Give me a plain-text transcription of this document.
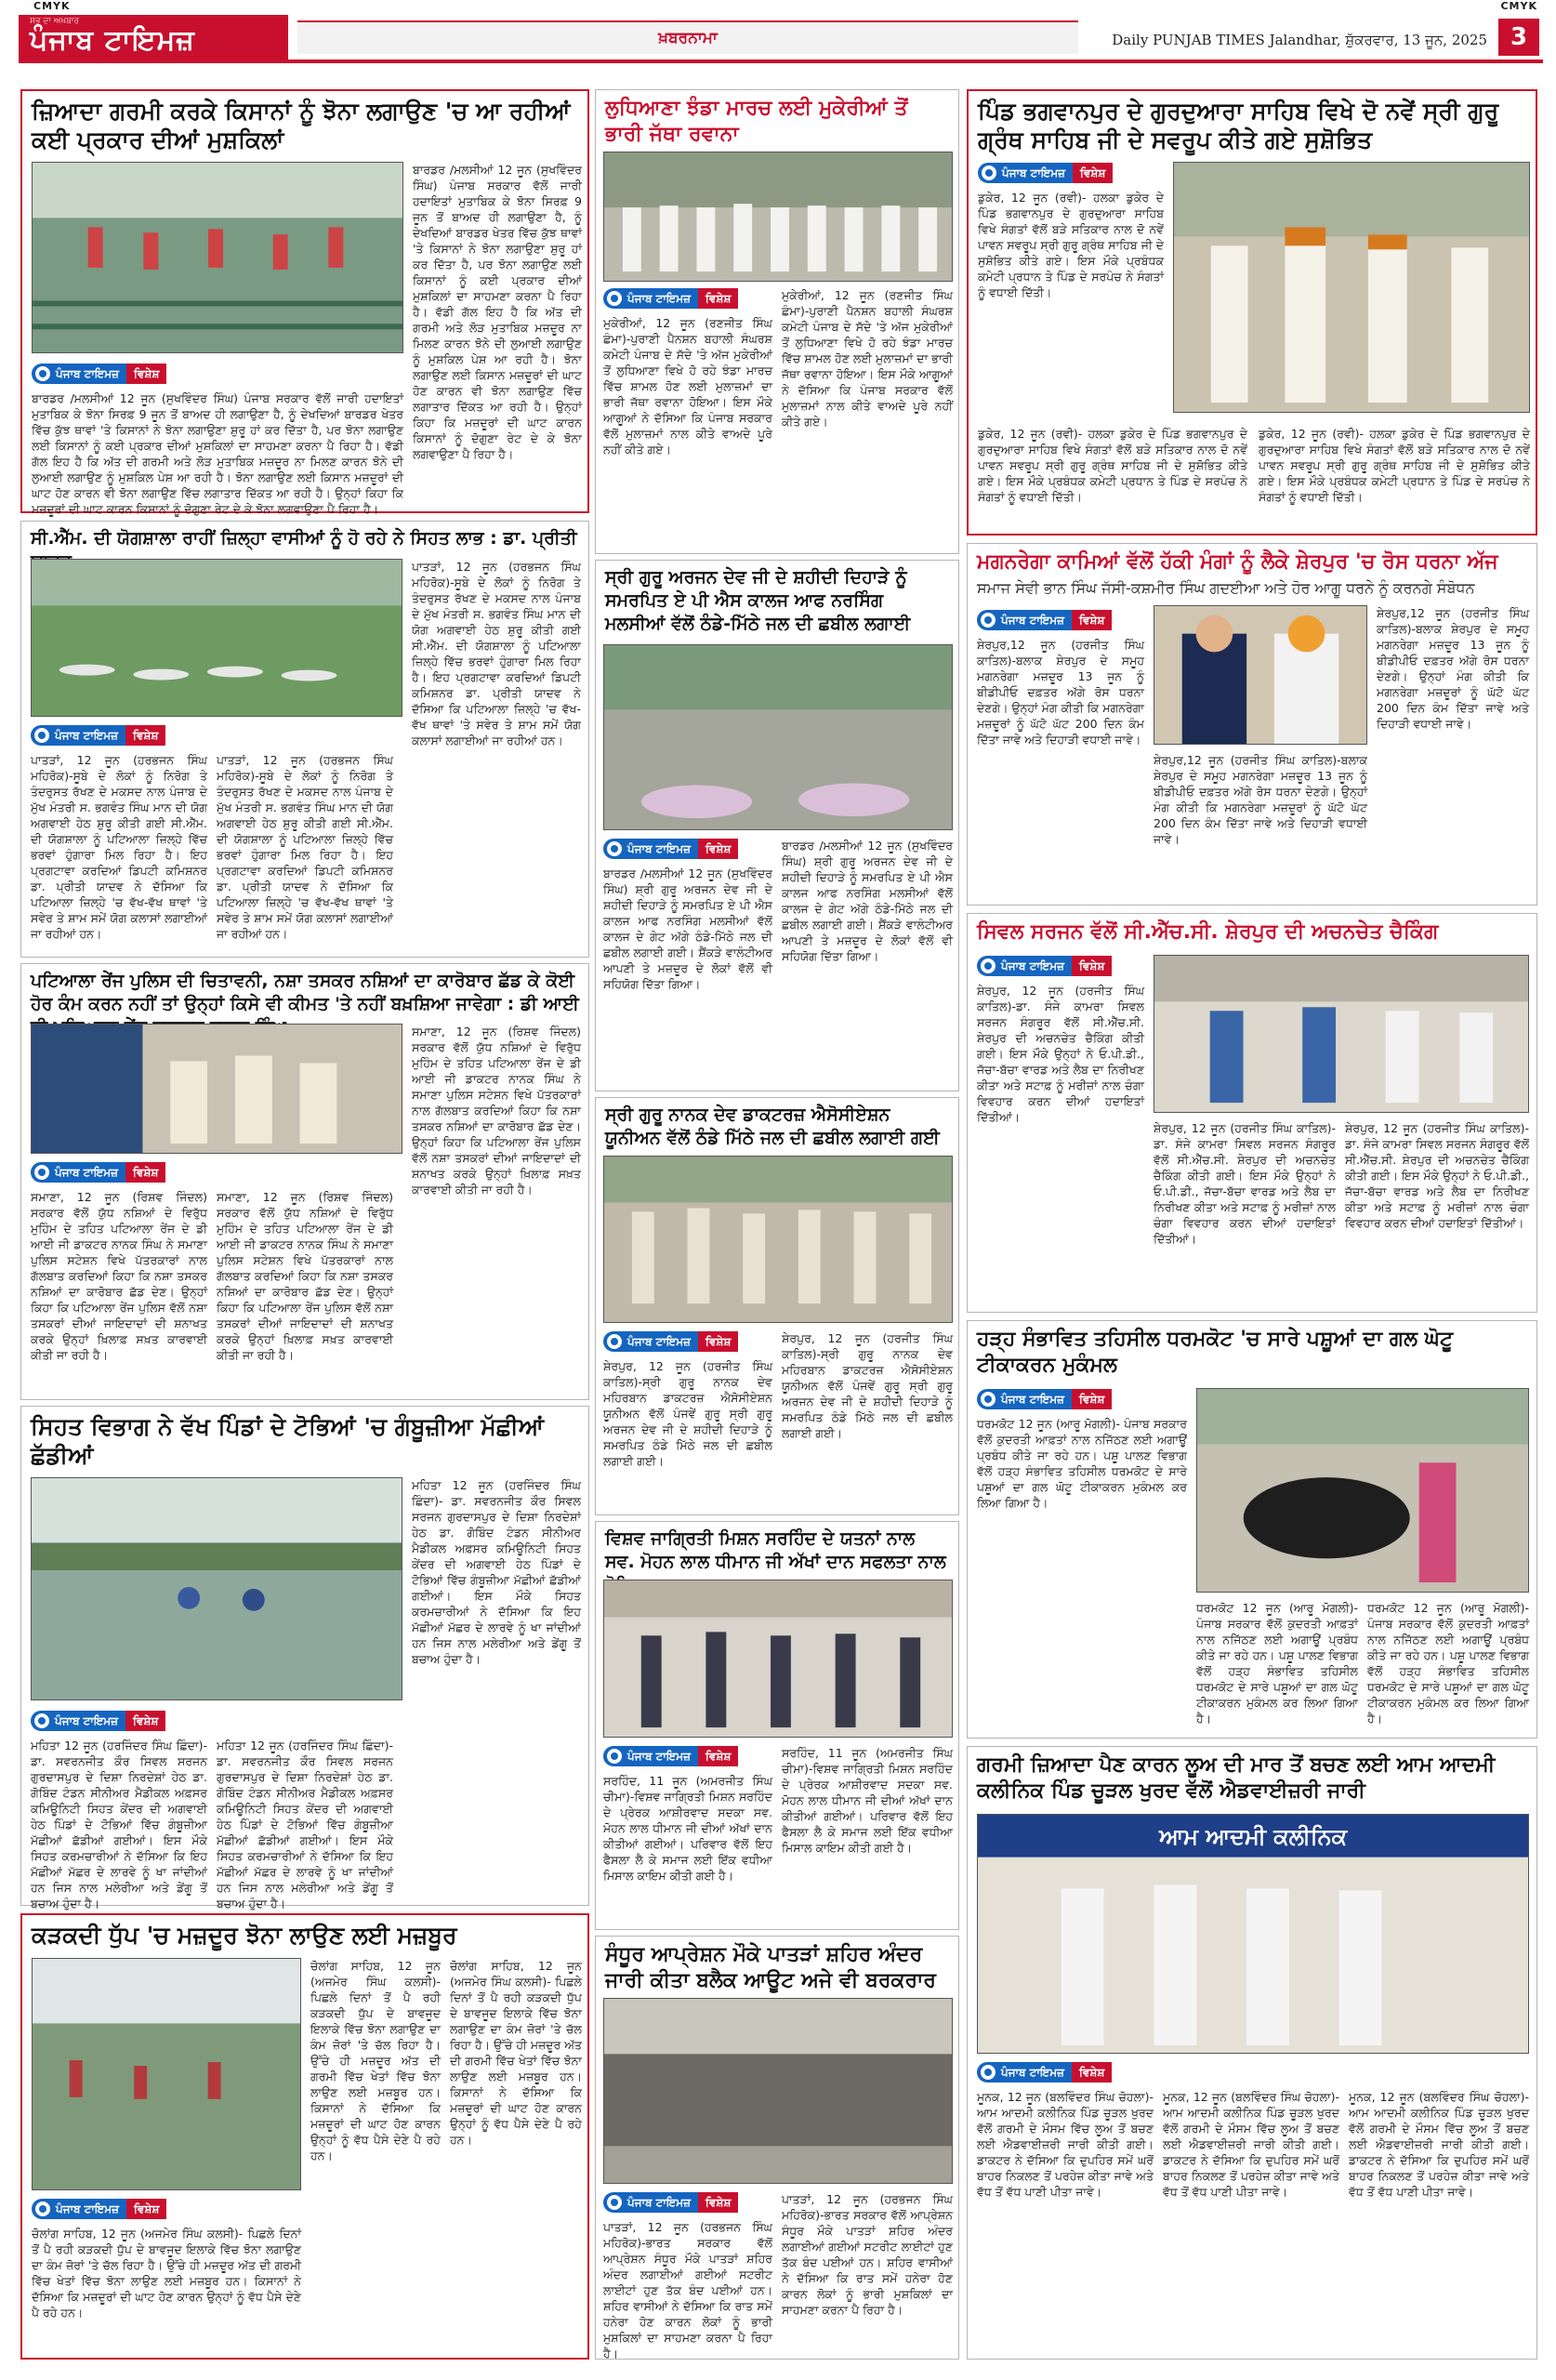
CMYK	CMYK
ਸਭ ਦਾ ਅਖ਼ਬਾਰ
ਪੰਜਾਬ ਟਾਇਮਜ਼	ਖ਼ਬਰਨਾਮਾ	Daily PUNJAB TIMES Jalandhar, ਸ਼ੁੱਕਰਵਾਰ, 13 ਜੂਨ, 2025 3
ਜ਼ਿਆਦਾ ਗਰਮੀ ਕਰਕੇ ਕਿਸਾਨਾਂ ਨੂੰ ਝੋਨਾ ਲਗਾਉਣ 'ਚ ਆ ਰਹੀਆਂ ਕਈ ਪ੍ਰਕਾਰ ਦੀਆਂ ਮੁਸ਼ਕਿਲਾਂ
ਪੰਜਾਬ ਟਾਇਮਜ਼	ਵਿਸ਼ੇਸ਼
ਬਾਰਡਰ /ਮਲਸੀਆਂ 12 ਜੂਨ (ਸੁਖਵਿੰਦਰ ਸਿੰਘ) ਪੰਜਾਬ ਸਰਕਾਰ ਵੱਲੋਂ ਜਾਰੀ ਹਦਾਇਤਾਂ ਮੁਤਾਬਿਕ ਕੇ ਝੋਨਾ ਸਿਰਫ਼ 9 ਜੂਨ ਤੋਂ ਬਾਅਦ ਹੀ ਲਗਾਉਣਾ ਹੈ, ਨੂੰ ਦੇਖਦਿਆਂ ਬਾਰਡਰ ਖੇਤਰ ਵਿੱਚ ਕੁੱਝ ਥਾਵਾਂ 'ਤੇ ਕਿਸਾਨਾਂ ਨੇ ਝੋਨਾ ਲਗਾਉਣਾ ਸ਼ੁਰੂ ਹਾਂ ਕਰ ਦਿੱਤਾ ਹੈ, ਪਰ ਝੋਨਾ ਲਗਾਉਣ ਲਈ ਕਿਸਾਨਾਂ ਨੂੰ ਕਈ ਪ੍ਰਕਾਰ ਦੀਆਂ ਮੁਸ਼ਕਿਲਾਂ ਦਾ ਸਾਹਮਣਾ ਕਰਨਾ ਪੈ ਰਿਹਾ ਹੈ। ਵੱਡੀ ਗੱਲ ਇਹ ਹੈ ਕਿ ਅੱਤ ਦੀ ਗਰਮੀ ਅਤੇ ਲੋੜ ਮੁਤਾਬਿਕ ਮਜ਼ਦੂਰ ਨਾ ਮਿਲਣ ਕਾਰਨ ਝੋਨੇ ਦੀ ਲੁਆਈ ਲਗਾਉਣ ਨੂੰ ਮੁਸ਼ਕਿਲ ਪੇਸ਼ ਆ ਰਹੀ ਹੈ। ਝੋਨਾ ਲਗਾਉਣ ਲਈ ਕਿਸਾਨ ਮਜ਼ਦੂਰਾਂ ਦੀ ਘਾਟ ਹੋਣ ਕਾਰਨ ਵੀ ਝੋਨਾ ਲਗਾਉਣ ਵਿੱਚ ਲਗਾਤਾਰ ਦਿੱਕਤ ਆ ਰਹੀ ਹੈ। ਉਨ੍ਹਾਂ ਕਿਹਾ ਕਿ ਮਜ਼ਦੂਰਾਂ ਦੀ ਘਾਟ ਕਾਰਨ ਕਿਸਾਨਾਂ ਨੂੰ ਦੋਗੁਣਾ ਰੇਟ ਦੇ ਕੇ ਝੋਨਾ ਲਗਵਾਉਣਾ ਪੈ ਰਿਹਾ ਹੈ।
ਬਾਰਡਰ /ਮਲਸੀਆਂ 12 ਜੂਨ (ਸੁਖਵਿੰਦਰ ਸਿੰਘ) ਪੰਜਾਬ ਸਰਕਾਰ ਵੱਲੋਂ ਜਾਰੀ ਹਦਾਇਤਾਂ ਮੁਤਾਬਿਕ ਕੇ ਝੋਨਾ ਸਿਰਫ਼ 9 ਜੂਨ ਤੋਂ ਬਾਅਦ ਹੀ ਲਗਾਉਣਾ ਹੈ, ਨੂੰ ਦੇਖਦਿਆਂ ਬਾਰਡਰ ਖੇਤਰ ਵਿੱਚ ਕੁੱਝ ਥਾਵਾਂ 'ਤੇ ਕਿਸਾਨਾਂ ਨੇ ਝੋਨਾ ਲਗਾਉਣਾ ਸ਼ੁਰੂ ਹਾਂ ਕਰ ਦਿੱਤਾ ਹੈ, ਪਰ ਝੋਨਾ ਲਗਾਉਣ ਲਈ ਕਿਸਾਨਾਂ ਨੂੰ ਕਈ ਪ੍ਰਕਾਰ ਦੀਆਂ ਮੁਸ਼ਕਿਲਾਂ ਦਾ ਸਾਹਮਣਾ ਕਰਨਾ ਪੈ ਰਿਹਾ ਹੈ। ਵੱਡੀ ਗੱਲ ਇਹ ਹੈ ਕਿ ਅੱਤ ਦੀ ਗਰਮੀ ਅਤੇ ਲੋੜ ਮੁਤਾਬਿਕ ਮਜ਼ਦੂਰ ਨਾ ਮਿਲਣ ਕਾਰਨ ਝੋਨੇ ਦੀ ਲੁਆਈ ਲਗਾਉਣ ਨੂੰ ਮੁਸ਼ਕਿਲ ਪੇਸ਼ ਆ ਰਹੀ ਹੈ। ਝੋਨਾ ਲਗਾਉਣ ਲਈ ਕਿਸਾਨ ਮਜ਼ਦੂਰਾਂ ਦੀ ਘਾਟ ਹੋਣ ਕਾਰਨ ਵੀ ਝੋਨਾ ਲਗਾਉਣ ਵਿੱਚ ਲਗਾਤਾਰ ਦਿੱਕਤ ਆ ਰਹੀ ਹੈ। ਉਨ੍ਹਾਂ ਕਿਹਾ ਕਿ ਮਜ਼ਦੂਰਾਂ ਦੀ ਘਾਟ ਕਾਰਨ ਕਿਸਾਨਾਂ ਨੂੰ ਦੋਗੁਣਾ ਰੇਟ ਦੇ ਕੇ ਝੋਨਾ ਲਗਵਾਉਣਾ ਪੈ ਰਿਹਾ ਹੈ।
ਸੀ.ਐੱਮ. ਦੀ ਯੋਗਸ਼ਾਲਾ ਰਾਹੀਂ ਜ਼ਿਲ੍ਹਾ ਵਾਸੀਆਂ ਨੂੰ ਹੋ ਰਹੇ ਨੇ ਸਿਹਤ ਲਾਭ : ਡਾ. ਪ੍ਰੀਤੀ
ਪੰਜਾਬ ਟਾਇਮਜ਼	ਵਿਸ਼ੇਸ਼
ਪਾਤੜਾਂ, 12 ਜੂਨ (ਹਰਭਜਨ ਸਿੰਘ ਮਹਿਰੋਕ)-ਸੂਬੇ ਦੇ ਲੋਕਾਂ ਨੂੰ ਨਿਰੋਗ ਤੇ ਤੰਦਰੁਸਤ ਰੱਖਣ ਦੇ ਮਕਸਦ ਨਾਲ ਪੰਜਾਬ ਦੇ ਮੁੱਖ ਮੰਤਰੀ ਸ. ਭਗਵੰਤ ਸਿੰਘ ਮਾਨ ਦੀ ਯੋਗ ਅਗਵਾਈ ਹੇਠ ਸ਼ੁਰੂ ਕੀਤੀ ਗਈ ਸੀ.ਐੱਮ. ਦੀ ਯੋਗਸ਼ਾਲਾ ਨੂੰ ਪਟਿਆਲਾ ਜ਼ਿਲ੍ਹੇ ਵਿੱਚ ਭਰਵਾਂ ਹੁੰਗਾਰਾ ਮਿਲ ਰਿਹਾ ਹੈ। ਇਹ ਪ੍ਰਗਟਾਵਾ ਕਰਦਿਆਂ ਡਿਪਟੀ ਕਮਿਸ਼ਨਰ ਡਾ. ਪ੍ਰੀਤੀ ਯਾਦਵ ਨੇ ਦੱਸਿਆ ਕਿ ਪਟਿਆਲਾ ਜ਼ਿਲ੍ਹੇ 'ਚ ਵੱਖ-ਵੱਖ ਥਾਵਾਂ 'ਤੇ ਸਵੇਰ ਤੇ ਸ਼ਾਮ ਸਮੇਂ ਯੋਗ ਕਲਾਸਾਂ ਲਗਾਈਆਂ ਜਾ ਰਹੀਆਂ ਹਨ।
ਪਾਤੜਾਂ, 12 ਜੂਨ (ਹਰਭਜਨ ਸਿੰਘ ਮਹਿਰੋਕ)-ਸੂਬੇ ਦੇ ਲੋਕਾਂ ਨੂੰ ਨਿਰੋਗ ਤੇ ਤੰਦਰੁਸਤ ਰੱਖਣ ਦੇ ਮਕਸਦ ਨਾਲ ਪੰਜਾਬ ਦੇ ਮੁੱਖ ਮੰਤਰੀ ਸ. ਭਗਵੰਤ ਸਿੰਘ ਮਾਨ ਦੀ ਯੋਗ ਅਗਵਾਈ ਹੇਠ ਸ਼ੁਰੂ ਕੀਤੀ ਗਈ ਸੀ.ਐੱਮ. ਦੀ ਯੋਗਸ਼ਾਲਾ ਨੂੰ ਪਟਿਆਲਾ ਜ਼ਿਲ੍ਹੇ ਵਿੱਚ ਭਰਵਾਂ ਹੁੰਗਾਰਾ ਮਿਲ ਰਿਹਾ ਹੈ। ਇਹ ਪ੍ਰਗਟਾਵਾ ਕਰਦਿਆਂ ਡਿਪਟੀ ਕਮਿਸ਼ਨਰ ਡਾ. ਪ੍ਰੀਤੀ ਯਾਦਵ ਨੇ ਦੱਸਿਆ ਕਿ ਪਟਿਆਲਾ ਜ਼ਿਲ੍ਹੇ 'ਚ ਵੱਖ-ਵੱਖ ਥਾਵਾਂ 'ਤੇ ਸਵੇਰ ਤੇ ਸ਼ਾਮ ਸਮੇਂ ਯੋਗ ਕਲਾਸਾਂ ਲਗਾਈਆਂ ਜਾ ਰਹੀਆਂ ਹਨ।
ਪਾਤੜਾਂ, 12 ਜੂਨ (ਹਰਭਜਨ ਸਿੰਘ ਮਹਿਰੋਕ)-ਸੂਬੇ ਦੇ ਲੋਕਾਂ ਨੂੰ ਨਿਰੋਗ ਤੇ ਤੰਦਰੁਸਤ ਰੱਖਣ ਦੇ ਮਕਸਦ ਨਾਲ ਪੰਜਾਬ ਦੇ ਮੁੱਖ ਮੰਤਰੀ ਸ. ਭਗਵੰਤ ਸਿੰਘ ਮਾਨ ਦੀ ਯੋਗ ਅਗਵਾਈ ਹੇਠ ਸ਼ੁਰੂ ਕੀਤੀ ਗਈ ਸੀ.ਐੱਮ. ਦੀ ਯੋਗਸ਼ਾਲਾ ਨੂੰ ਪਟਿਆਲਾ ਜ਼ਿਲ੍ਹੇ ਵਿੱਚ ਭਰਵਾਂ ਹੁੰਗਾਰਾ ਮਿਲ ਰਿਹਾ ਹੈ। ਇਹ ਪ੍ਰਗਟਾਵਾ ਕਰਦਿਆਂ ਡਿਪਟੀ ਕਮਿਸ਼ਨਰ ਡਾ. ਪ੍ਰੀਤੀ ਯਾਦਵ ਨੇ ਦੱਸਿਆ ਕਿ ਪਟਿਆਲਾ ਜ਼ਿਲ੍ਹੇ 'ਚ ਵੱਖ-ਵੱਖ ਥਾਵਾਂ 'ਤੇ ਸਵੇਰ ਤੇ ਸ਼ਾਮ ਸਮੇਂ ਯੋਗ ਕਲਾਸਾਂ ਲਗਾਈਆਂ ਜਾ ਰਹੀਆਂ ਹਨ।
ਪਟਿਆਲਾ ਰੇਂਜ ਪੁਲਿਸ ਦੀ ਚਿਤਾਵਨੀ, ਨਸ਼ਾ ਤਸਕਰ ਨਸ਼ਿਆਂ ਦਾ ਕਾਰੋਬਾਰ ਛੱਡ ਕੇ ਕੋਈ ਹੋਰ ਕੰਮ ਕਰਨ ਨਹੀਂ ਤਾਂ ਉਨ੍ਹਾਂ ਕਿਸੇ ਵੀ ਕੀਮਤ 'ਤੇ ਨਹੀਂ ਬਖ਼ਸ਼ਿਆ ਜਾਵੇਗਾ : ਡੀ ਆਈ
ਪੰਜਾਬ ਟਾਇਮਜ਼	ਵਿਸ਼ੇਸ਼
ਸਮਾਣਾ, 12 ਜੂਨ (ਰਿਸ਼ਵ ਜਿੰਦਲ) ਸਰਕਾਰ ਵੱਲੋਂ ਯੁੱਧ ਨਸ਼ਿਆਂ ਦੇ ਵਿਰੁੱਧ ਮੁਹਿੰਮ ਦੇ ਤਹਿਤ ਪਟਿਆਲਾ ਰੇਂਜ ਦੇ ਡੀ ਆਈ ਜੀ ਡਾਕਟਰ ਨਾਨਕ ਸਿੰਘ ਨੇ ਸਮਾਣਾ ਪੁਲਿਸ ਸਟੇਸ਼ਨ ਵਿਖੇ ਪੱਤਰਕਾਰਾਂ ਨਾਲ ਗੱਲਬਾਤ ਕਰਦਿਆਂ ਕਿਹਾ ਕਿ ਨਸ਼ਾ ਤਸਕਰ ਨਸ਼ਿਆਂ ਦਾ ਕਾਰੋਬਾਰ ਛੱਡ ਦੇਣ। ਉਨ੍ਹਾਂ ਕਿਹਾ ਕਿ ਪਟਿਆਲਾ ਰੇਂਜ ਪੁਲਿਸ ਵੱਲੋਂ ਨਸ਼ਾ ਤਸਕਰਾਂ ਦੀਆਂ ਜਾਇਦਾਦਾਂ ਦੀ ਸ਼ਨਾਖਤ ਕਰਕੇ ਉਨ੍ਹਾਂ ਖ਼ਿਲਾਫ਼ ਸਖ਼ਤ ਕਾਰਵਾਈ ਕੀਤੀ ਜਾ ਰਹੀ ਹੈ।
ਸਮਾਣਾ, 12 ਜੂਨ (ਰਿਸ਼ਵ ਜਿੰਦਲ) ਸਰਕਾਰ ਵੱਲੋਂ ਯੁੱਧ ਨਸ਼ਿਆਂ ਦੇ ਵਿਰੁੱਧ ਮੁਹਿੰਮ ਦੇ ਤਹਿਤ ਪਟਿਆਲਾ ਰੇਂਜ ਦੇ ਡੀ ਆਈ ਜੀ ਡਾਕਟਰ ਨਾਨਕ ਸਿੰਘ ਨੇ ਸਮਾਣਾ ਪੁਲਿਸ ਸਟੇਸ਼ਨ ਵਿਖੇ ਪੱਤਰਕਾਰਾਂ ਨਾਲ ਗੱਲਬਾਤ ਕਰਦਿਆਂ ਕਿਹਾ ਕਿ ਨਸ਼ਾ ਤਸਕਰ ਨਸ਼ਿਆਂ ਦਾ ਕਾਰੋਬਾਰ ਛੱਡ ਦੇਣ। ਉਨ੍ਹਾਂ ਕਿਹਾ ਕਿ ਪਟਿਆਲਾ ਰੇਂਜ ਪੁਲਿਸ ਵੱਲੋਂ ਨਸ਼ਾ ਤਸਕਰਾਂ ਦੀਆਂ ਜਾਇਦਾਦਾਂ ਦੀ ਸ਼ਨਾਖਤ ਕਰਕੇ ਉਨ੍ਹਾਂ ਖ਼ਿਲਾਫ਼ ਸਖ਼ਤ ਕਾਰਵਾਈ ਕੀਤੀ ਜਾ ਰਹੀ ਹੈ।
ਸਮਾਣਾ, 12 ਜੂਨ (ਰਿਸ਼ਵ ਜਿੰਦਲ) ਸਰਕਾਰ ਵੱਲੋਂ ਯੁੱਧ ਨਸ਼ਿਆਂ ਦੇ ਵਿਰੁੱਧ ਮੁਹਿੰਮ ਦੇ ਤਹਿਤ ਪਟਿਆਲਾ ਰੇਂਜ ਦੇ ਡੀ ਆਈ ਜੀ ਡਾਕਟਰ ਨਾਨਕ ਸਿੰਘ ਨੇ ਸਮਾਣਾ ਪੁਲਿਸ ਸਟੇਸ਼ਨ ਵਿਖੇ ਪੱਤਰਕਾਰਾਂ ਨਾਲ ਗੱਲਬਾਤ ਕਰਦਿਆਂ ਕਿਹਾ ਕਿ ਨਸ਼ਾ ਤਸਕਰ ਨਸ਼ਿਆਂ ਦਾ ਕਾਰੋਬਾਰ ਛੱਡ ਦੇਣ। ਉਨ੍ਹਾਂ ਕਿਹਾ ਕਿ ਪਟਿਆਲਾ ਰੇਂਜ ਪੁਲਿਸ ਵੱਲੋਂ ਨਸ਼ਾ ਤਸਕਰਾਂ ਦੀਆਂ ਜਾਇਦਾਦਾਂ ਦੀ ਸ਼ਨਾਖਤ ਕਰਕੇ ਉਨ੍ਹਾਂ ਖ਼ਿਲਾਫ਼ ਸਖ਼ਤ ਕਾਰਵਾਈ ਕੀਤੀ ਜਾ ਰਹੀ ਹੈ।
ਸਿਹਤ ਵਿਭਾਗ ਨੇ ਵੱਖ ਪਿੰਡਾਂ ਦੇ ਟੋਭਿਆਂ 'ਚ ਗੰਬੂਜ਼ੀਆ ਮੱਛੀਆਂ ਛੱਡੀਆਂ
ਪੰਜਾਬ ਟਾਇਮਜ਼	ਵਿਸ਼ੇਸ਼
ਮਹਿਤਾ 12 ਜੂਨ (ਹਰਜਿੰਦਰ ਸਿੰਘ ਛਿੰਦਾ)- ਡਾ. ਸਵਰਨਜੀਤ ਕੌਰ ਸਿਵਲ ਸਰਜਨ ਗੁਰਦਾਸਪੁਰ ਦੇ ਦਿਸ਼ਾ ਨਿਰਦੇਸ਼ਾਂ ਹੇਠ ਡਾ. ਗੋਬਿੰਦ ਟੰਡਨ ਸੀਨੀਅਰ ਮੈਡੀਕਲ ਅਫ਼ਸਰ ਕਮਿਊਨਿਟੀ ਸਿਹਤ ਕੇਂਦਰ ਦੀ ਅਗਵਾਈ ਹੇਠ ਪਿੰਡਾਂ ਦੇ ਟੋਭਿਆਂ ਵਿੱਚ ਗੰਬੂਜ਼ੀਆ ਮੱਛੀਆਂ ਛੱਡੀਆਂ ਗਈਆਂ। ਇਸ ਮੌਕੇ ਸਿਹਤ ਕਰਮਚਾਰੀਆਂ ਨੇ ਦੱਸਿਆ ਕਿ ਇਹ ਮੱਛੀਆਂ ਮੱਛਰ ਦੇ ਲਾਰਵੇ ਨੂੰ ਖਾ ਜਾਂਦੀਆਂ ਹਨ ਜਿਸ ਨਾਲ ਮਲੇਰੀਆ ਅਤੇ ਡੇਂਗੂ ਤੋਂ ਬਚਾਅ ਹੁੰਦਾ ਹੈ।
ਮਹਿਤਾ 12 ਜੂਨ (ਹਰਜਿੰਦਰ ਸਿੰਘ ਛਿੰਦਾ)- ਡਾ. ਸਵਰਨਜੀਤ ਕੌਰ ਸਿਵਲ ਸਰਜਨ ਗੁਰਦਾਸਪੁਰ ਦੇ ਦਿਸ਼ਾ ਨਿਰਦੇਸ਼ਾਂ ਹੇਠ ਡਾ. ਗੋਬਿੰਦ ਟੰਡਨ ਸੀਨੀਅਰ ਮੈਡੀਕਲ ਅਫ਼ਸਰ ਕਮਿਊਨਿਟੀ ਸਿਹਤ ਕੇਂਦਰ ਦੀ ਅਗਵਾਈ ਹੇਠ ਪਿੰਡਾਂ ਦੇ ਟੋਭਿਆਂ ਵਿੱਚ ਗੰਬੂਜ਼ੀਆ ਮੱਛੀਆਂ ਛੱਡੀਆਂ ਗਈਆਂ। ਇਸ ਮੌਕੇ ਸਿਹਤ ਕਰਮਚਾਰੀਆਂ ਨੇ ਦੱਸਿਆ ਕਿ ਇਹ ਮੱਛੀਆਂ ਮੱਛਰ ਦੇ ਲਾਰਵੇ ਨੂੰ ਖਾ ਜਾਂਦੀਆਂ ਹਨ ਜਿਸ ਨਾਲ ਮਲੇਰੀਆ ਅਤੇ ਡੇਂਗੂ ਤੋਂ ਬਚਾਅ ਹੁੰਦਾ ਹੈ।
ਮਹਿਤਾ 12 ਜੂਨ (ਹਰਜਿੰਦਰ ਸਿੰਘ ਛਿੰਦਾ)- ਡਾ. ਸਵਰਨਜੀਤ ਕੌਰ ਸਿਵਲ ਸਰਜਨ ਗੁਰਦਾਸਪੁਰ ਦੇ ਦਿਸ਼ਾ ਨਿਰਦੇਸ਼ਾਂ ਹੇਠ ਡਾ. ਗੋਬਿੰਦ ਟੰਡਨ ਸੀਨੀਅਰ ਮੈਡੀਕਲ ਅਫ਼ਸਰ ਕਮਿਊਨਿਟੀ ਸਿਹਤ ਕੇਂਦਰ ਦੀ ਅਗਵਾਈ ਹੇਠ ਪਿੰਡਾਂ ਦੇ ਟੋਭਿਆਂ ਵਿੱਚ ਗੰਬੂਜ਼ੀਆ ਮੱਛੀਆਂ ਛੱਡੀਆਂ ਗਈਆਂ। ਇਸ ਮੌਕੇ ਸਿਹਤ ਕਰਮਚਾਰੀਆਂ ਨੇ ਦੱਸਿਆ ਕਿ ਇਹ ਮੱਛੀਆਂ ਮੱਛਰ ਦੇ ਲਾਰਵੇ ਨੂੰ ਖਾ ਜਾਂਦੀਆਂ ਹਨ ਜਿਸ ਨਾਲ ਮਲੇਰੀਆ ਅਤੇ ਡੇਂਗੂ ਤੋਂ ਬਚਾਅ ਹੁੰਦਾ ਹੈ।
ਕੜਕਦੀ ਧੁੱਪ 'ਚ ਮਜ਼ਦੂਰ ਝੋਨਾ ਲਾਉਣ ਲਈ ਮਜ਼ਬੂਰ
ਪੰਜਾਬ ਟਾਇਮਜ਼	ਵਿਸ਼ੇਸ਼
ਚੋਲਾਂਗ ਸਾਹਿਬ, 12 ਜੂਨ (ਅਜਮੇਰ ਸਿੰਘ ਕਲਸੀ)- ਪਿਛਲੇ ਦਿਨਾਂ ਤੋਂ ਪੈ ਰਹੀ ਕੜਕਦੀ ਧੁੱਪ ਦੇ ਬਾਵਜੂਦ ਇਲਾਕੇ ਵਿੱਚ ਝੋਨਾ ਲਗਾਉਣ ਦਾ ਕੰਮ ਜ਼ੋਰਾਂ 'ਤੇ ਚੱਲ ਰਿਹਾ ਹੈ। ਉੱਚੇ ਹੀ ਮਜ਼ਦੂਰ ਅੱਤ ਦੀ ਗਰਮੀ ਵਿੱਚ ਖੇਤਾਂ ਵਿੱਚ ਝੋਨਾ ਲਾਉਣ ਲਈ ਮਜ਼ਬੂਰ ਹਨ। ਕਿਸਾਨਾਂ ਨੇ ਦੱਸਿਆ ਕਿ ਮਜ਼ਦੂਰਾਂ ਦੀ ਘਾਟ ਹੋਣ ਕਾਰਨ ਉਨ੍ਹਾਂ ਨੂੰ ਵੱਧ ਪੈਸੇ ਦੇਣੇ ਪੈ ਰਹੇ ਹਨ।
ਚੋਲਾਂਗ ਸਾਹਿਬ, 12 ਜੂਨ (ਅਜਮੇਰ ਸਿੰਘ ਕਲਸੀ)- ਪਿਛਲੇ ਦਿਨਾਂ ਤੋਂ ਪੈ ਰਹੀ ਕੜਕਦੀ ਧੁੱਪ ਦੇ ਬਾਵਜੂਦ ਇਲਾਕੇ ਵਿੱਚ ਝੋਨਾ ਲਗਾਉਣ ਦਾ ਕੰਮ ਜ਼ੋਰਾਂ 'ਤੇ ਚੱਲ ਰਿਹਾ ਹੈ। ਉੱਚੇ ਹੀ ਮਜ਼ਦੂਰ ਅੱਤ ਦੀ ਗਰਮੀ ਵਿੱਚ ਖੇਤਾਂ ਵਿੱਚ ਝੋਨਾ ਲਾਉਣ ਲਈ ਮਜ਼ਬੂਰ ਹਨ। ਕਿਸਾਨਾਂ ਨੇ ਦੱਸਿਆ ਕਿ ਮਜ਼ਦੂਰਾਂ ਦੀ ਘਾਟ ਹੋਣ ਕਾਰਨ ਉਨ੍ਹਾਂ ਨੂੰ ਵੱਧ ਪੈਸੇ ਦੇਣੇ ਪੈ ਰਹੇ ਹਨ।
ਚੋਲਾਂਗ ਸਾਹਿਬ, 12 ਜੂਨ (ਅਜਮੇਰ ਸਿੰਘ ਕਲਸੀ)- ਪਿਛਲੇ ਦਿਨਾਂ ਤੋਂ ਪੈ ਰਹੀ ਕੜਕਦੀ ਧੁੱਪ ਦੇ ਬਾਵਜੂਦ ਇਲਾਕੇ ਵਿੱਚ ਝੋਨਾ ਲਗਾਉਣ ਦਾ ਕੰਮ ਜ਼ੋਰਾਂ 'ਤੇ ਚੱਲ ਰਿਹਾ ਹੈ। ਉੱਚੇ ਹੀ ਮਜ਼ਦੂਰ ਅੱਤ ਦੀ ਗਰਮੀ ਵਿੱਚ ਖੇਤਾਂ ਵਿੱਚ ਝੋਨਾ ਲਾਉਣ ਲਈ ਮਜ਼ਬੂਰ ਹਨ। ਕਿਸਾਨਾਂ ਨੇ ਦੱਸਿਆ ਕਿ ਮਜ਼ਦੂਰਾਂ ਦੀ ਘਾਟ ਹੋਣ ਕਾਰਨ ਉਨ੍ਹਾਂ ਨੂੰ ਵੱਧ ਪੈਸੇ ਦੇਣੇ ਪੈ ਰਹੇ ਹਨ।
ਲੁਧਿਆਣਾ ਝੰਡਾ ਮਾਰਚ ਲਈ ਮੁਕੇਰੀਆਂ ਤੋਂ ਭਾਰੀ ਜੱਥਾ ਰਵਾਨਾ
ਪੰਜਾਬ ਟਾਇਮਜ਼	ਵਿਸ਼ੇਸ਼
ਮੁਕੇਰੀਆਂ, 12 ਜੂਨ (ਰਣਜੀਤ ਸਿੰਘ ਛੰਮਾ)-ਪੁਰਾਣੀ ਪੈਨਸ਼ਨ ਬਹਾਲੀ ਸੰਘਰਸ਼ ਕਮੇਟੀ ਪੰਜਾਬ ਦੇ ਸੱਦੇ 'ਤੇ ਅੱਜ ਮੁਕੇਰੀਆਂ ਤੋਂ ਲੁਧਿਆਣਾ ਵਿਖੇ ਹੋ ਰਹੇ ਝੰਡਾ ਮਾਰਚ ਵਿੱਚ ਸ਼ਾਮਲ ਹੋਣ ਲਈ ਮੁਲਾਜ਼ਮਾਂ ਦਾ ਭਾਰੀ ਜੱਥਾ ਰਵਾਨਾ ਹੋਇਆ। ਇਸ ਮੌਕੇ ਆਗੂਆਂ ਨੇ ਦੱਸਿਆ ਕਿ ਪੰਜਾਬ ਸਰਕਾਰ ਵੱਲੋਂ ਮੁਲਾਜ਼ਮਾਂ ਨਾਲ ਕੀਤੇ ਵਾਅਦੇ ਪੂਰੇ ਨਹੀਂ ਕੀਤੇ ਗਏ।
ਮੁਕੇਰੀਆਂ, 12 ਜੂਨ (ਰਣਜੀਤ ਸਿੰਘ ਛੰਮਾ)-ਪੁਰਾਣੀ ਪੈਨਸ਼ਨ ਬਹਾਲੀ ਸੰਘਰਸ਼ ਕਮੇਟੀ ਪੰਜਾਬ ਦੇ ਸੱਦੇ 'ਤੇ ਅੱਜ ਮੁਕੇਰੀਆਂ ਤੋਂ ਲੁਧਿਆਣਾ ਵਿਖੇ ਹੋ ਰਹੇ ਝੰਡਾ ਮਾਰਚ ਵਿੱਚ ਸ਼ਾਮਲ ਹੋਣ ਲਈ ਮੁਲਾਜ਼ਮਾਂ ਦਾ ਭਾਰੀ ਜੱਥਾ ਰਵਾਨਾ ਹੋਇਆ। ਇਸ ਮੌਕੇ ਆਗੂਆਂ ਨੇ ਦੱਸਿਆ ਕਿ ਪੰਜਾਬ ਸਰਕਾਰ ਵੱਲੋਂ ਮੁਲਾਜ਼ਮਾਂ ਨਾਲ ਕੀਤੇ ਵਾਅਦੇ ਪੂਰੇ ਨਹੀਂ ਕੀਤੇ ਗਏ।
ਸ੍ਰੀ ਗੁਰੂ ਅਰਜਨ ਦੇਵ ਜੀ ਦੇ ਸ਼ਹੀਦੀ ਦਿਹਾੜੇ ਨੂੰ ਸਮਰਪਿਤ ਏ ਪੀ ਐਸ ਕਾਲਜ ਆਫ ਨਰਸਿੰਗ ਮਲਸੀਆਂ ਵੱਲੋਂ ਠੰਡੇ-ਮਿੱਠੇ ਜਲ ਦੀ ਛਬੀਲ ਲਗਾਈ
ਪੰਜਾਬ ਟਾਇਮਜ਼	ਵਿਸ਼ੇਸ਼
ਬਾਰਡਰ /ਮਲਸੀਆਂ 12 ਜੂਨ (ਸੁਖਵਿੰਦਰ ਸਿੰਘ) ਸ਼੍ਰੀ ਗੁਰੂ ਅਰਜਨ ਦੇਵ ਜੀ ਦੇ ਸ਼ਹੀਦੀ ਦਿਹਾੜੇ ਨੂੰ ਸਮਰਪਿਤ ਏ ਪੀ ਐਸ ਕਾਲਜ ਆਫ ਨਰਸਿੰਗ ਮਲਸੀਆਂ ਵੱਲੋਂ ਕਾਲਜ ਦੇ ਗੇਟ ਅੱਗੇ ਠੰਡੇ-ਮਿੱਠੇ ਜਲ ਦੀ ਛਬੀਲ ਲਗਾਈ ਗਈ। ਸ਼ੈਂਕੜੇ ਵਾਲੰਟੀਅਰ ਆਪਣੀ ਤੇ ਮਜ਼ਦੂਰ ਦੇ ਲੋਕਾਂ ਵੱਲੋਂ ਵੀ ਸਹਿਯੋਗ ਦਿੱਤਾ ਗਿਆ।
ਬਾਰਡਰ /ਮਲਸੀਆਂ 12 ਜੂਨ (ਸੁਖਵਿੰਦਰ ਸਿੰਘ) ਸ਼੍ਰੀ ਗੁਰੂ ਅਰਜਨ ਦੇਵ ਜੀ ਦੇ ਸ਼ਹੀਦੀ ਦਿਹਾੜੇ ਨੂੰ ਸਮਰਪਿਤ ਏ ਪੀ ਐਸ ਕਾਲਜ ਆਫ ਨਰਸਿੰਗ ਮਲਸੀਆਂ ਵੱਲੋਂ ਕਾਲਜ ਦੇ ਗੇਟ ਅੱਗੇ ਠੰਡੇ-ਮਿੱਠੇ ਜਲ ਦੀ ਛਬੀਲ ਲਗਾਈ ਗਈ। ਸ਼ੈਂਕੜੇ ਵਾਲੰਟੀਅਰ ਆਪਣੀ ਤੇ ਮਜ਼ਦੂਰ ਦੇ ਲੋਕਾਂ ਵੱਲੋਂ ਵੀ ਸਹਿਯੋਗ ਦਿੱਤਾ ਗਿਆ।
ਸ੍ਰੀ ਗੁਰੂ ਨਾਨਕ ਦੇਵ ਡਾਕਟਰਜ਼ ਐਸੋਸੀਏਸ਼ਨ ਯੂਨੀਅਨ ਵੱਲੋਂ ਠੰਡੇ ਮਿੱਠੇ ਜਲ ਦੀ ਛਬੀਲ ਲਗਾਈ ਗਈ
ਪੰਜਾਬ ਟਾਇਮਜ਼	ਵਿਸ਼ੇਸ਼
ਸ਼ੇਰਪੁਰ, 12 ਜੂਨ (ਹਰਜੀਤ ਸਿੰਘ ਕਾਤਿਲ)-ਸ੍ਰੀ ਗੁਰੂ ਨਾਨਕ ਦੇਵ ਮਹਿਰਬਾਨ ਡਾਕਟਰਜ਼ ਐਸੋਸੀਏਸ਼ਨ ਯੂਨੀਅਨ ਵੱਲੋਂ ਪੰਜਵੇਂ ਗੁਰੂ ਸ੍ਰੀ ਗੁਰੂ ਅਰਜਨ ਦੇਵ ਜੀ ਦੇ ਸ਼ਹੀਦੀ ਦਿਹਾੜੇ ਨੂੰ ਸਮਰਪਿਤ ਠੰਡੇ ਮਿੱਠੇ ਜਲ ਦੀ ਛਬੀਲ ਲਗਾਈ ਗਈ।
ਸ਼ੇਰਪੁਰ, 12 ਜੂਨ (ਹਰਜੀਤ ਸਿੰਘ ਕਾਤਿਲ)-ਸ੍ਰੀ ਗੁਰੂ ਨਾਨਕ ਦੇਵ ਮਹਿਰਬਾਨ ਡਾਕਟਰਜ਼ ਐਸੋਸੀਏਸ਼ਨ ਯੂਨੀਅਨ ਵੱਲੋਂ ਪੰਜਵੇਂ ਗੁਰੂ ਸ੍ਰੀ ਗੁਰੂ ਅਰਜਨ ਦੇਵ ਜੀ ਦੇ ਸ਼ਹੀਦੀ ਦਿਹਾੜੇ ਨੂੰ ਸਮਰਪਿਤ ਠੰਡੇ ਮਿੱਠੇ ਜਲ ਦੀ ਛਬੀਲ ਲਗਾਈ ਗਈ।
ਵਿਸ਼ਵ ਜਾਗ੍ਰਿਤੀ ਮਿਸ਼ਨ ਸਰਹਿੰਦ ਦੇ ਯਤਨਾਂ ਨਾਲ ਸਵ. ਮੋਹਨ ਲਾਲ ਧੀਮਾਨ ਜੀ ਅੱਖਾਂ ਦਾਨ ਸਫਲਤਾ ਨਾਲ
ਪੰਜਾਬ ਟਾਇਮਜ਼	ਵਿਸ਼ੇਸ਼
ਸਰਹਿੰਦ, 11 ਜੂਨ (ਅਮਰਜੀਤ ਸਿੰਘ ਚੀਮਾ)-ਵਿਸ਼ਵ ਜਾਗ੍ਰਿਤੀ ਮਿਸ਼ਨ ਸਰਹਿੰਦ ਦੇ ਪ੍ਰੇਰਕ ਆਸ਼ੀਰਵਾਦ ਸਦਕਾ ਸਵ. ਮੋਹਨ ਲਾਲ ਧੀਮਾਨ ਜੀ ਦੀਆਂ ਅੱਖਾਂ ਦਾਨ ਕੀਤੀਆਂ ਗਈਆਂ। ਪਰਿਵਾਰ ਵੱਲੋਂ ਇਹ ਫੈਸਲਾ ਲੈ ਕੇ ਸਮਾਜ ਲਈ ਇੱਕ ਵਧੀਆ ਮਿਸਾਲ ਕਾਇਮ ਕੀਤੀ ਗਈ ਹੈ।
ਸਰਹਿੰਦ, 11 ਜੂਨ (ਅਮਰਜੀਤ ਸਿੰਘ ਚੀਮਾ)-ਵਿਸ਼ਵ ਜਾਗ੍ਰਿਤੀ ਮਿਸ਼ਨ ਸਰਹਿੰਦ ਦੇ ਪ੍ਰੇਰਕ ਆਸ਼ੀਰਵਾਦ ਸਦਕਾ ਸਵ. ਮੋਹਨ ਲਾਲ ਧੀਮਾਨ ਜੀ ਦੀਆਂ ਅੱਖਾਂ ਦਾਨ ਕੀਤੀਆਂ ਗਈਆਂ। ਪਰਿਵਾਰ ਵੱਲੋਂ ਇਹ ਫੈਸਲਾ ਲੈ ਕੇ ਸਮਾਜ ਲਈ ਇੱਕ ਵਧੀਆ ਮਿਸਾਲ ਕਾਇਮ ਕੀਤੀ ਗਈ ਹੈ।
ਸੰਧੂਰ ਆਪ੍ਰੇਸ਼ਨ ਮੌਕੇ ਪਾਤੜਾਂ ਸ਼ਹਿਰ ਅੰਦਰ ਜਾਰੀ ਕੀਤਾ ਬਲੈਕ ਆਊਟ ਅਜੇ ਵੀ ਬਰਕਰਾਰ
ਪੰਜਾਬ ਟਾਇਮਜ਼	ਵਿਸ਼ੇਸ਼
ਪਾਤੜਾਂ, 12 ਜੂਨ (ਹਰਭਜਨ ਸਿੰਘ ਮਹਿਰੋਕ)-ਭਾਰਤ ਸਰਕਾਰ ਵੱਲੋਂ ਆਪ੍ਰੇਸ਼ਨ ਸੰਧੂਰ ਮੌਕੇ ਪਾਤੜਾਂ ਸ਼ਹਿਰ ਅੰਦਰ ਲਗਾਈਆਂ ਗਈਆਂ ਸਟਰੀਟ ਲਾਈਟਾਂ ਹੁਣ ਤੱਕ ਬੰਦ ਪਈਆਂ ਹਨ। ਸ਼ਹਿਰ ਵਾਸੀਆਂ ਨੇ ਦੱਸਿਆ ਕਿ ਰਾਤ ਸਮੇਂ ਹਨੇਰਾ ਹੋਣ ਕਾਰਨ ਲੋਕਾਂ ਨੂੰ ਭਾਰੀ ਮੁਸ਼ਕਿਲਾਂ ਦਾ ਸਾਹਮਣਾ ਕਰਨਾ ਪੈ ਰਿਹਾ ਹੈ।
ਪਾਤੜਾਂ, 12 ਜੂਨ (ਹਰਭਜਨ ਸਿੰਘ ਮਹਿਰੋਕ)-ਭਾਰਤ ਸਰਕਾਰ ਵੱਲੋਂ ਆਪ੍ਰੇਸ਼ਨ ਸੰਧੂਰ ਮੌਕੇ ਪਾਤੜਾਂ ਸ਼ਹਿਰ ਅੰਦਰ ਲਗਾਈਆਂ ਗਈਆਂ ਸਟਰੀਟ ਲਾਈਟਾਂ ਹੁਣ ਤੱਕ ਬੰਦ ਪਈਆਂ ਹਨ। ਸ਼ਹਿਰ ਵਾਸੀਆਂ ਨੇ ਦੱਸਿਆ ਕਿ ਰਾਤ ਸਮੇਂ ਹਨੇਰਾ ਹੋਣ ਕਾਰਨ ਲੋਕਾਂ ਨੂੰ ਭਾਰੀ ਮੁਸ਼ਕਿਲਾਂ ਦਾ ਸਾਹਮਣਾ ਕਰਨਾ ਪੈ ਰਿਹਾ ਹੈ।
ਪਿੰਡ ਭਗਵਾਨਪੁਰ ਦੇ ਗੁਰਦੁਆਰਾ ਸਾਹਿਬ ਵਿਖੇ ਦੋ ਨਵੇਂ ਸ੍ਰੀ ਗੁਰੂ ਗ੍ਰੰਥ ਸਾਹਿਬ ਜੀ ਦੇ ਸਵਰੂਪ ਕੀਤੇ ਗਏ ਸੁਸ਼ੋਭਿਤ
ਪੰਜਾਬ ਟਾਇਮਜ਼	ਵਿਸ਼ੇਸ਼
ਡੁਕੇਰ, 12 ਜੂਨ (ਰਵੀ)- ਹਲਕਾ ਡੁਕੇਰ ਦੇ ਪਿੰਡ ਭਗਵਾਨਪੁਰ ਦੇ ਗੁਰਦੁਆਰਾ ਸਾਹਿਬ ਵਿਖੇ ਸੰਗਤਾਂ ਵੱਲੋਂ ਬੜੇ ਸਤਿਕਾਰ ਨਾਲ ਦੋ ਨਵੇਂ ਪਾਵਨ ਸਵਰੂਪ ਸ੍ਰੀ ਗੁਰੂ ਗ੍ਰੰਥ ਸਾਹਿਬ ਜੀ ਦੇ ਸੁਸ਼ੋਭਿਤ ਕੀਤੇ ਗਏ। ਇਸ ਮੌਕੇ ਪ੍ਰਬੰਧਕ ਕਮੇਟੀ ਪ੍ਰਧਾਨ ਤੇ ਪਿੰਡ ਦੇ ਸਰਪੰਚ ਨੇ ਸੰਗਤਾਂ ਨੂੰ ਵਧਾਈ ਦਿੱਤੀ।
ਡੁਕੇਰ, 12 ਜੂਨ (ਰਵੀ)- ਹਲਕਾ ਡੁਕੇਰ ਦੇ ਪਿੰਡ ਭਗਵਾਨਪੁਰ ਦੇ ਗੁਰਦੁਆਰਾ ਸਾਹਿਬ ਵਿਖੇ ਸੰਗਤਾਂ ਵੱਲੋਂ ਬੜੇ ਸਤਿਕਾਰ ਨਾਲ ਦੋ ਨਵੇਂ ਪਾਵਨ ਸਵਰੂਪ ਸ੍ਰੀ ਗੁਰੂ ਗ੍ਰੰਥ ਸਾਹਿਬ ਜੀ ਦੇ ਸੁਸ਼ੋਭਿਤ ਕੀਤੇ ਗਏ। ਇਸ ਮੌਕੇ ਪ੍ਰਬੰਧਕ ਕਮੇਟੀ ਪ੍ਰਧਾਨ ਤੇ ਪਿੰਡ ਦੇ ਸਰਪੰਚ ਨੇ ਸੰਗਤਾਂ ਨੂੰ ਵਧਾਈ ਦਿੱਤੀ।
ਡੁਕੇਰ, 12 ਜੂਨ (ਰਵੀ)- ਹਲਕਾ ਡੁਕੇਰ ਦੇ ਪਿੰਡ ਭਗਵਾਨਪੁਰ ਦੇ ਗੁਰਦੁਆਰਾ ਸਾਹਿਬ ਵਿਖੇ ਸੰਗਤਾਂ ਵੱਲੋਂ ਬੜੇ ਸਤਿਕਾਰ ਨਾਲ ਦੋ ਨਵੇਂ ਪਾਵਨ ਸਵਰੂਪ ਸ੍ਰੀ ਗੁਰੂ ਗ੍ਰੰਥ ਸਾਹਿਬ ਜੀ ਦੇ ਸੁਸ਼ੋਭਿਤ ਕੀਤੇ ਗਏ। ਇਸ ਮੌਕੇ ਪ੍ਰਬੰਧਕ ਕਮੇਟੀ ਪ੍ਰਧਾਨ ਤੇ ਪਿੰਡ ਦੇ ਸਰਪੰਚ ਨੇ ਸੰਗਤਾਂ ਨੂੰ ਵਧਾਈ ਦਿੱਤੀ।
ਮਗਨਰੇਗਾ ਕਾਮਿਆਂ ਵੱਲੋਂ ਹੱਕੀ ਮੰਗਾਂ ਨੂੰ ਲੈਕੇ ਸ਼ੇਰਪੁਰ 'ਚ ਰੋਸ ਧਰਨਾ ਅੱਜ
ਸਮਾਜ ਸੇਵੀ ਭਾਨ ਸਿੰਘ ਜੱਸੀ-ਕਸ਼ਮੀਰ ਸਿੰਘ ਗਦਈਆ ਅਤੇ ਹੋਰ ਆਗੂ ਧਰਨੇ ਨੂੰ ਕਰਨਗੇ ਸੰਬੋਧਨ
ਪੰਜਾਬ ਟਾਇਮਜ਼	ਵਿਸ਼ੇਸ਼
ਸ਼ੇਰਪੁਰ,12 ਜੂਨ (ਹਰਜੀਤ ਸਿੰਘ ਕਾਤਿਲ)-ਬਲਾਕ ਸ਼ੇਰਪੁਰ ਦੇ ਸਮੂਹ ਮਗਨਰੇਗਾ ਮਜ਼ਦੂਰ 13 ਜੂਨ ਨੂੰ ਬੀਡੀਪੀਓ ਦਫ਼ਤਰ ਅੱਗੇ ਰੋਸ ਧਰਨਾ ਦੇਣਗੇ। ਉਨ੍ਹਾਂ ਮੰਗ ਕੀਤੀ ਕਿ ਮਗਨਰੇਗਾ ਮਜ਼ਦੂਰਾਂ ਨੂੰ ਘੱਟੋ ਘੱਟ 200 ਦਿਨ ਕੰਮ ਦਿੱਤਾ ਜਾਵੇ ਅਤੇ ਦਿਹਾੜੀ ਵਧਾਈ ਜਾਵੇ।
ਸ਼ੇਰਪੁਰ,12 ਜੂਨ (ਹਰਜੀਤ ਸਿੰਘ ਕਾਤਿਲ)-ਬਲਾਕ ਸ਼ੇਰਪੁਰ ਦੇ ਸਮੂਹ ਮਗਨਰੇਗਾ ਮਜ਼ਦੂਰ 13 ਜੂਨ ਨੂੰ ਬੀਡੀਪੀਓ ਦਫ਼ਤਰ ਅੱਗੇ ਰੋਸ ਧਰਨਾ ਦੇਣਗੇ। ਉਨ੍ਹਾਂ ਮੰਗ ਕੀਤੀ ਕਿ ਮਗਨਰੇਗਾ ਮਜ਼ਦੂਰਾਂ ਨੂੰ ਘੱਟੋ ਘੱਟ 200 ਦਿਨ ਕੰਮ ਦਿੱਤਾ ਜਾਵੇ ਅਤੇ ਦਿਹਾੜੀ ਵਧਾਈ ਜਾਵੇ।
ਸ਼ੇਰਪੁਰ,12 ਜੂਨ (ਹਰਜੀਤ ਸਿੰਘ ਕਾਤਿਲ)-ਬਲਾਕ ਸ਼ੇਰਪੁਰ ਦੇ ਸਮੂਹ ਮਗਨਰੇਗਾ ਮਜ਼ਦੂਰ 13 ਜੂਨ ਨੂੰ ਬੀਡੀਪੀਓ ਦਫ਼ਤਰ ਅੱਗੇ ਰੋਸ ਧਰਨਾ ਦੇਣਗੇ। ਉਨ੍ਹਾਂ ਮੰਗ ਕੀਤੀ ਕਿ ਮਗਨਰੇਗਾ ਮਜ਼ਦੂਰਾਂ ਨੂੰ ਘੱਟੋ ਘੱਟ 200 ਦਿਨ ਕੰਮ ਦਿੱਤਾ ਜਾਵੇ ਅਤੇ ਦਿਹਾੜੀ ਵਧਾਈ ਜਾਵੇ।
ਸਿਵਲ ਸਰਜਨ ਵੱਲੋਂ ਸੀ.ਐੱਚ.ਸੀ. ਸ਼ੇਰਪੁਰ ਦੀ ਅਚਨਚੇਤ ਚੈਕਿੰਗ
ਪੰਜਾਬ ਟਾਇਮਜ਼	ਵਿਸ਼ੇਸ਼
ਸ਼ੇਰਪੁਰ, 12 ਜੂਨ (ਹਰਜੀਤ ਸਿੰਘ ਕਾਤਿਲ)-ਡਾ. ਸੰਜੇ ਕਾਮਰਾ ਸਿਵਲ ਸਰਜਨ ਸੰਗਰੂਰ ਵੱਲੋਂ ਸੀ.ਐੱਚ.ਸੀ. ਸ਼ੇਰਪੁਰ ਦੀ ਅਚਨਚੇਤ ਚੈਕਿੰਗ ਕੀਤੀ ਗਈ। ਇਸ ਮੌਕੇ ਉਨ੍ਹਾਂ ਨੇ ਓ.ਪੀ.ਡੀ., ਜੱਚਾ-ਬੱਚਾ ਵਾਰਡ ਅਤੇ ਲੈਬ ਦਾ ਨਿਰੀਖਣ ਕੀਤਾ ਅਤੇ ਸਟਾਫ਼ ਨੂੰ ਮਰੀਜ਼ਾਂ ਨਾਲ ਚੰਗਾ ਵਿਵਹਾਰ ਕਰਨ ਦੀਆਂ ਹਦਾਇਤਾਂ ਦਿੱਤੀਆਂ।
ਸ਼ੇਰਪੁਰ, 12 ਜੂਨ (ਹਰਜੀਤ ਸਿੰਘ ਕਾਤਿਲ)-ਡਾ. ਸੰਜੇ ਕਾਮਰਾ ਸਿਵਲ ਸਰਜਨ ਸੰਗਰੂਰ ਵੱਲੋਂ ਸੀ.ਐੱਚ.ਸੀ. ਸ਼ੇਰਪੁਰ ਦੀ ਅਚਨਚੇਤ ਚੈਕਿੰਗ ਕੀਤੀ ਗਈ। ਇਸ ਮੌਕੇ ਉਨ੍ਹਾਂ ਨੇ ਓ.ਪੀ.ਡੀ., ਜੱਚਾ-ਬੱਚਾ ਵਾਰਡ ਅਤੇ ਲੈਬ ਦਾ ਨਿਰੀਖਣ ਕੀਤਾ ਅਤੇ ਸਟਾਫ਼ ਨੂੰ ਮਰੀਜ਼ਾਂ ਨਾਲ ਚੰਗਾ ਵਿਵਹਾਰ ਕਰਨ ਦੀਆਂ ਹਦਾਇਤਾਂ ਦਿੱਤੀਆਂ।
ਸ਼ੇਰਪੁਰ, 12 ਜੂਨ (ਹਰਜੀਤ ਸਿੰਘ ਕਾਤਿਲ)-ਡਾ. ਸੰਜੇ ਕਾਮਰਾ ਸਿਵਲ ਸਰਜਨ ਸੰਗਰੂਰ ਵੱਲੋਂ ਸੀ.ਐੱਚ.ਸੀ. ਸ਼ੇਰਪੁਰ ਦੀ ਅਚਨਚੇਤ ਚੈਕਿੰਗ ਕੀਤੀ ਗਈ। ਇਸ ਮੌਕੇ ਉਨ੍ਹਾਂ ਨੇ ਓ.ਪੀ.ਡੀ., ਜੱਚਾ-ਬੱਚਾ ਵਾਰਡ ਅਤੇ ਲੈਬ ਦਾ ਨਿਰੀਖਣ ਕੀਤਾ ਅਤੇ ਸਟਾਫ਼ ਨੂੰ ਮਰੀਜ਼ਾਂ ਨਾਲ ਚੰਗਾ ਵਿਵਹਾਰ ਕਰਨ ਦੀਆਂ ਹਦਾਇਤਾਂ ਦਿੱਤੀਆਂ।
ਹੜ੍ਹ ਸੰਭਾਵਿਤ ਤਹਿਸੀਲ ਧਰਮਕੋਟ 'ਚ ਸਾਰੇ ਪਸ਼ੂਆਂ ਦਾ ਗਲ ਘੋਟੂ ਟੀਕਾਕਰਨ ਮੁਕੰਮਲ
ਪੰਜਾਬ ਟਾਇਮਜ਼	ਵਿਸ਼ੇਸ਼
ਧਰਮਕੋਟ 12 ਜੂਨ (ਆਰੂ ਮੋਗਲੀ)- ਪੰਜਾਬ ਸਰਕਾਰ ਵੱਲੋਂ ਕੁਦਰਤੀ ਆਫ਼ਤਾਂ ਨਾਲ ਨਜਿੱਠਣ ਲਈ ਅਗਾਊਂ ਪ੍ਰਬੰਧ ਕੀਤੇ ਜਾ ਰਹੇ ਹਨ। ਪਸ਼ੂ ਪਾਲਣ ਵਿਭਾਗ ਵੱਲੋਂ ਹੜ੍ਹ ਸੰਭਾਵਿਤ ਤਹਿਸੀਲ ਧਰਮਕੋਟ ਦੇ ਸਾਰੇ ਪਸ਼ੂਆਂ ਦਾ ਗਲ ਘੋਟੂ ਟੀਕਾਕਰਨ ਮੁਕੰਮਲ ਕਰ ਲਿਆ ਗਿਆ ਹੈ।
ਧਰਮਕੋਟ 12 ਜੂਨ (ਆਰੂ ਮੋਗਲੀ)- ਪੰਜਾਬ ਸਰਕਾਰ ਵੱਲੋਂ ਕੁਦਰਤੀ ਆਫ਼ਤਾਂ ਨਾਲ ਨਜਿੱਠਣ ਲਈ ਅਗਾਊਂ ਪ੍ਰਬੰਧ ਕੀਤੇ ਜਾ ਰਹੇ ਹਨ। ਪਸ਼ੂ ਪਾਲਣ ਵਿਭਾਗ ਵੱਲੋਂ ਹੜ੍ਹ ਸੰਭਾਵਿਤ ਤਹਿਸੀਲ ਧਰਮਕੋਟ ਦੇ ਸਾਰੇ ਪਸ਼ੂਆਂ ਦਾ ਗਲ ਘੋਟੂ ਟੀਕਾਕਰਨ ਮੁਕੰਮਲ ਕਰ ਲਿਆ ਗਿਆ ਹੈ।
ਧਰਮਕੋਟ 12 ਜੂਨ (ਆਰੂ ਮੋਗਲੀ)- ਪੰਜਾਬ ਸਰਕਾਰ ਵੱਲੋਂ ਕੁਦਰਤੀ ਆਫ਼ਤਾਂ ਨਾਲ ਨਜਿੱਠਣ ਲਈ ਅਗਾਊਂ ਪ੍ਰਬੰਧ ਕੀਤੇ ਜਾ ਰਹੇ ਹਨ। ਪਸ਼ੂ ਪਾਲਣ ਵਿਭਾਗ ਵੱਲੋਂ ਹੜ੍ਹ ਸੰਭਾਵਿਤ ਤਹਿਸੀਲ ਧਰਮਕੋਟ ਦੇ ਸਾਰੇ ਪਸ਼ੂਆਂ ਦਾ ਗਲ ਘੋਟੂ ਟੀਕਾਕਰਨ ਮੁਕੰਮਲ ਕਰ ਲਿਆ ਗਿਆ ਹੈ।
ਗਰਮੀ ਜ਼ਿਆਦਾ ਪੈਣ ਕਾਰਨ ਲੂਅ ਦੀ ਮਾਰ ਤੋਂ ਬਚਣ ਲਈ ਆਮ ਆਦਮੀ ਕਲੀਨਿਕ ਪਿੰਡ ਚੂੜਲ ਖੁਰਦ ਵੱਲੋਂ ਐਡਵਾਈਜ਼ਰੀ ਜਾਰੀ
ਆਮ ਆਦਮੀ ਕਲੀਨਿਕ
ਪੰਜਾਬ ਟਾਇਮਜ਼	ਵਿਸ਼ੇਸ਼
ਮੂਨਕ, 12 ਜੂਨ (ਬਲਵਿੰਦਰ ਸਿੰਘ ਚੋਹਲਾ)-ਆਮ ਆਦਮੀ ਕਲੀਨਿਕ ਪਿੰਡ ਚੂੜਲ ਖੁਰਦ ਵੱਲੋਂ ਗਰਮੀ ਦੇ ਮੌਸਮ ਵਿੱਚ ਲੂਅ ਤੋਂ ਬਚਣ ਲਈ ਐਡਵਾਈਜ਼ਰੀ ਜਾਰੀ ਕੀਤੀ ਗਈ। ਡਾਕਟਰ ਨੇ ਦੱਸਿਆ ਕਿ ਦੁਪਹਿਰ ਸਮੇਂ ਘਰੋਂ ਬਾਹਰ ਨਿਕਲਣ ਤੋਂ ਪਰਹੇਜ਼ ਕੀਤਾ ਜਾਵੇ ਅਤੇ ਵੱਧ ਤੋਂ ਵੱਧ ਪਾਣੀ ਪੀਤਾ ਜਾਵੇ।
ਮੂਨਕ, 12 ਜੂਨ (ਬਲਵਿੰਦਰ ਸਿੰਘ ਚੋਹਲਾ)-ਆਮ ਆਦਮੀ ਕਲੀਨਿਕ ਪਿੰਡ ਚੂੜਲ ਖੁਰਦ ਵੱਲੋਂ ਗਰਮੀ ਦੇ ਮੌਸਮ ਵਿੱਚ ਲੂਅ ਤੋਂ ਬਚਣ ਲਈ ਐਡਵਾਈਜ਼ਰੀ ਜਾਰੀ ਕੀਤੀ ਗਈ। ਡਾਕਟਰ ਨੇ ਦੱਸਿਆ ਕਿ ਦੁਪਹਿਰ ਸਮੇਂ ਘਰੋਂ ਬਾਹਰ ਨਿਕਲਣ ਤੋਂ ਪਰਹੇਜ਼ ਕੀਤਾ ਜਾਵੇ ਅਤੇ ਵੱਧ ਤੋਂ ਵੱਧ ਪਾਣੀ ਪੀਤਾ ਜਾਵੇ।
ਮੂਨਕ, 12 ਜੂਨ (ਬਲਵਿੰਦਰ ਸਿੰਘ ਚੋਹਲਾ)-ਆਮ ਆਦਮੀ ਕਲੀਨਿਕ ਪਿੰਡ ਚੂੜਲ ਖੁਰਦ ਵੱਲੋਂ ਗਰਮੀ ਦੇ ਮੌਸਮ ਵਿੱਚ ਲੂਅ ਤੋਂ ਬਚਣ ਲਈ ਐਡਵਾਈਜ਼ਰੀ ਜਾਰੀ ਕੀਤੀ ਗਈ। ਡਾਕਟਰ ਨੇ ਦੱਸਿਆ ਕਿ ਦੁਪਹਿਰ ਸਮੇਂ ਘਰੋਂ ਬਾਹਰ ਨਿਕਲਣ ਤੋਂ ਪਰਹੇਜ਼ ਕੀਤਾ ਜਾਵੇ ਅਤੇ ਵੱਧ ਤੋਂ ਵੱਧ ਪਾਣੀ ਪੀਤਾ ਜਾਵੇ।
